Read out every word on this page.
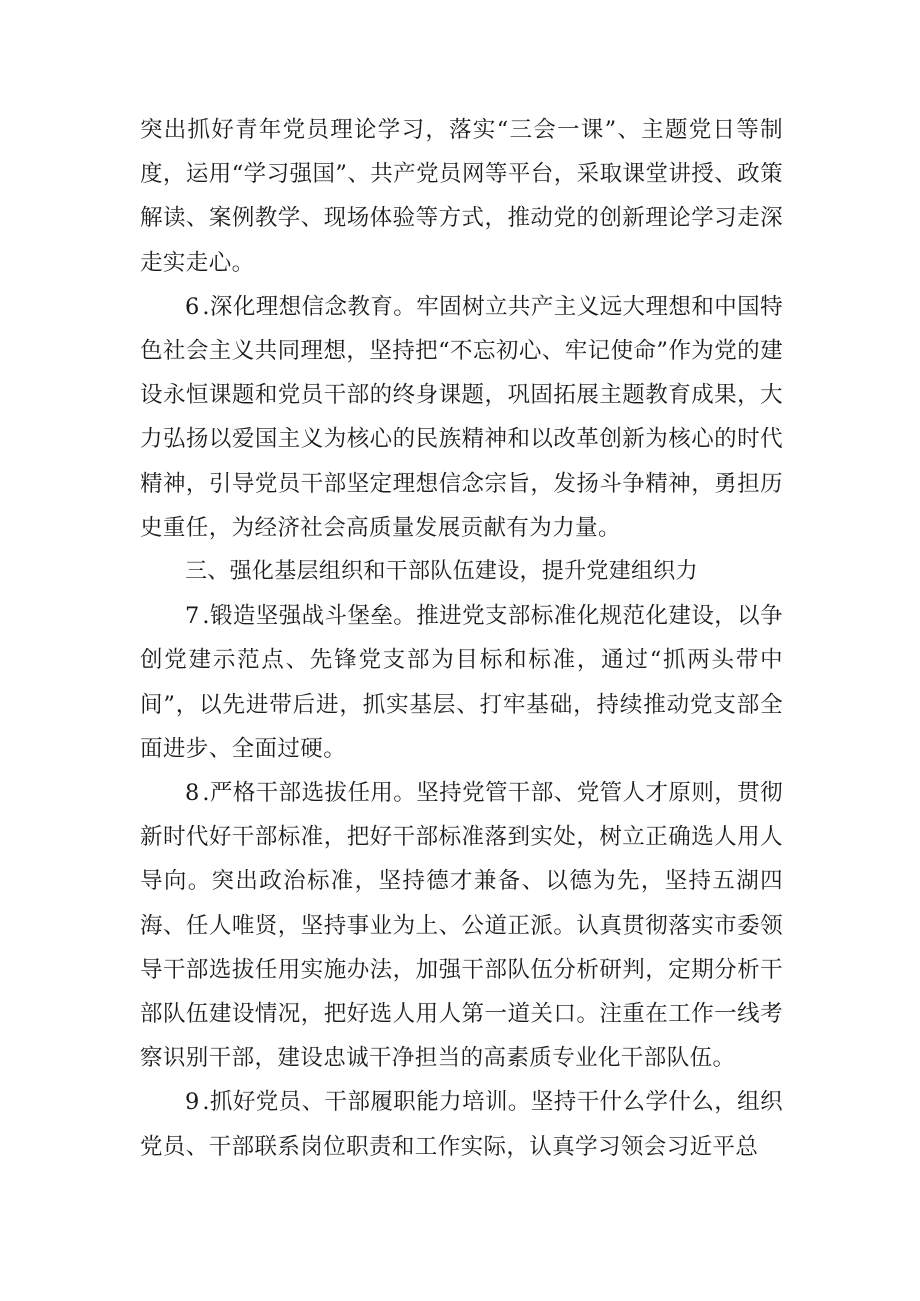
突出抓好青年党员理论学习，落实“三会一课”、主题党日等制度，运用“学习强国”、共产党员网等平台，采取课堂讲授、政策解读、案例教学、现场体验等方式，推动党的创新理论学习走深走实走心。

6.深化理想信念教育。牢固树立共产主义远大理想和中国特色社会主义共同理想，坚持把“不忘初心、牢记使命”作为党的建设永恒课题和党员干部的终身课题，巩固拓展主题教育成果，大力弘扬以爱国主义为核心的民族精神和以改革创新为核心的时代精神，引导党员干部坚定理想信念宗旨，发扬斗争精神，勇担历史重任，为经济社会高质量发展贡献有为力量。

三、强化基层组织和干部队伍建设，提升党建组织力

7.锻造坚强战斗堡垒。推进党支部标准化规范化建设，以争创党建示范点、先锋党支部为目标和标准，通过“抓两头带中间”，以先进带后进，抓实基层、打牢基础，持续推动党支部全面进步、全面过硬。

8.严格干部选拔任用。坚持党管干部、党管人才原则，贯彻新时代好干部标准，把好干部标准落到实处，树立正确选人用人导向。突出政治标准，坚持德才兼备、以德为先，坚持五湖四海、任人唯贤，坚持事业为上、公道正派。认真贯彻落实市委领导干部选拔任用实施办法，加强干部队伍分析研判，定期分析干部队伍建设情况，把好选人用人第一道关口。注重在工作一线考察识别干部，建设忠诚干净担当的高素质专业化干部队伍。

9.抓好党员、干部履职能力培训。坚持干什么学什么，组织党员、干部联系岗位职责和工作实际，认真学习领会习近平总
